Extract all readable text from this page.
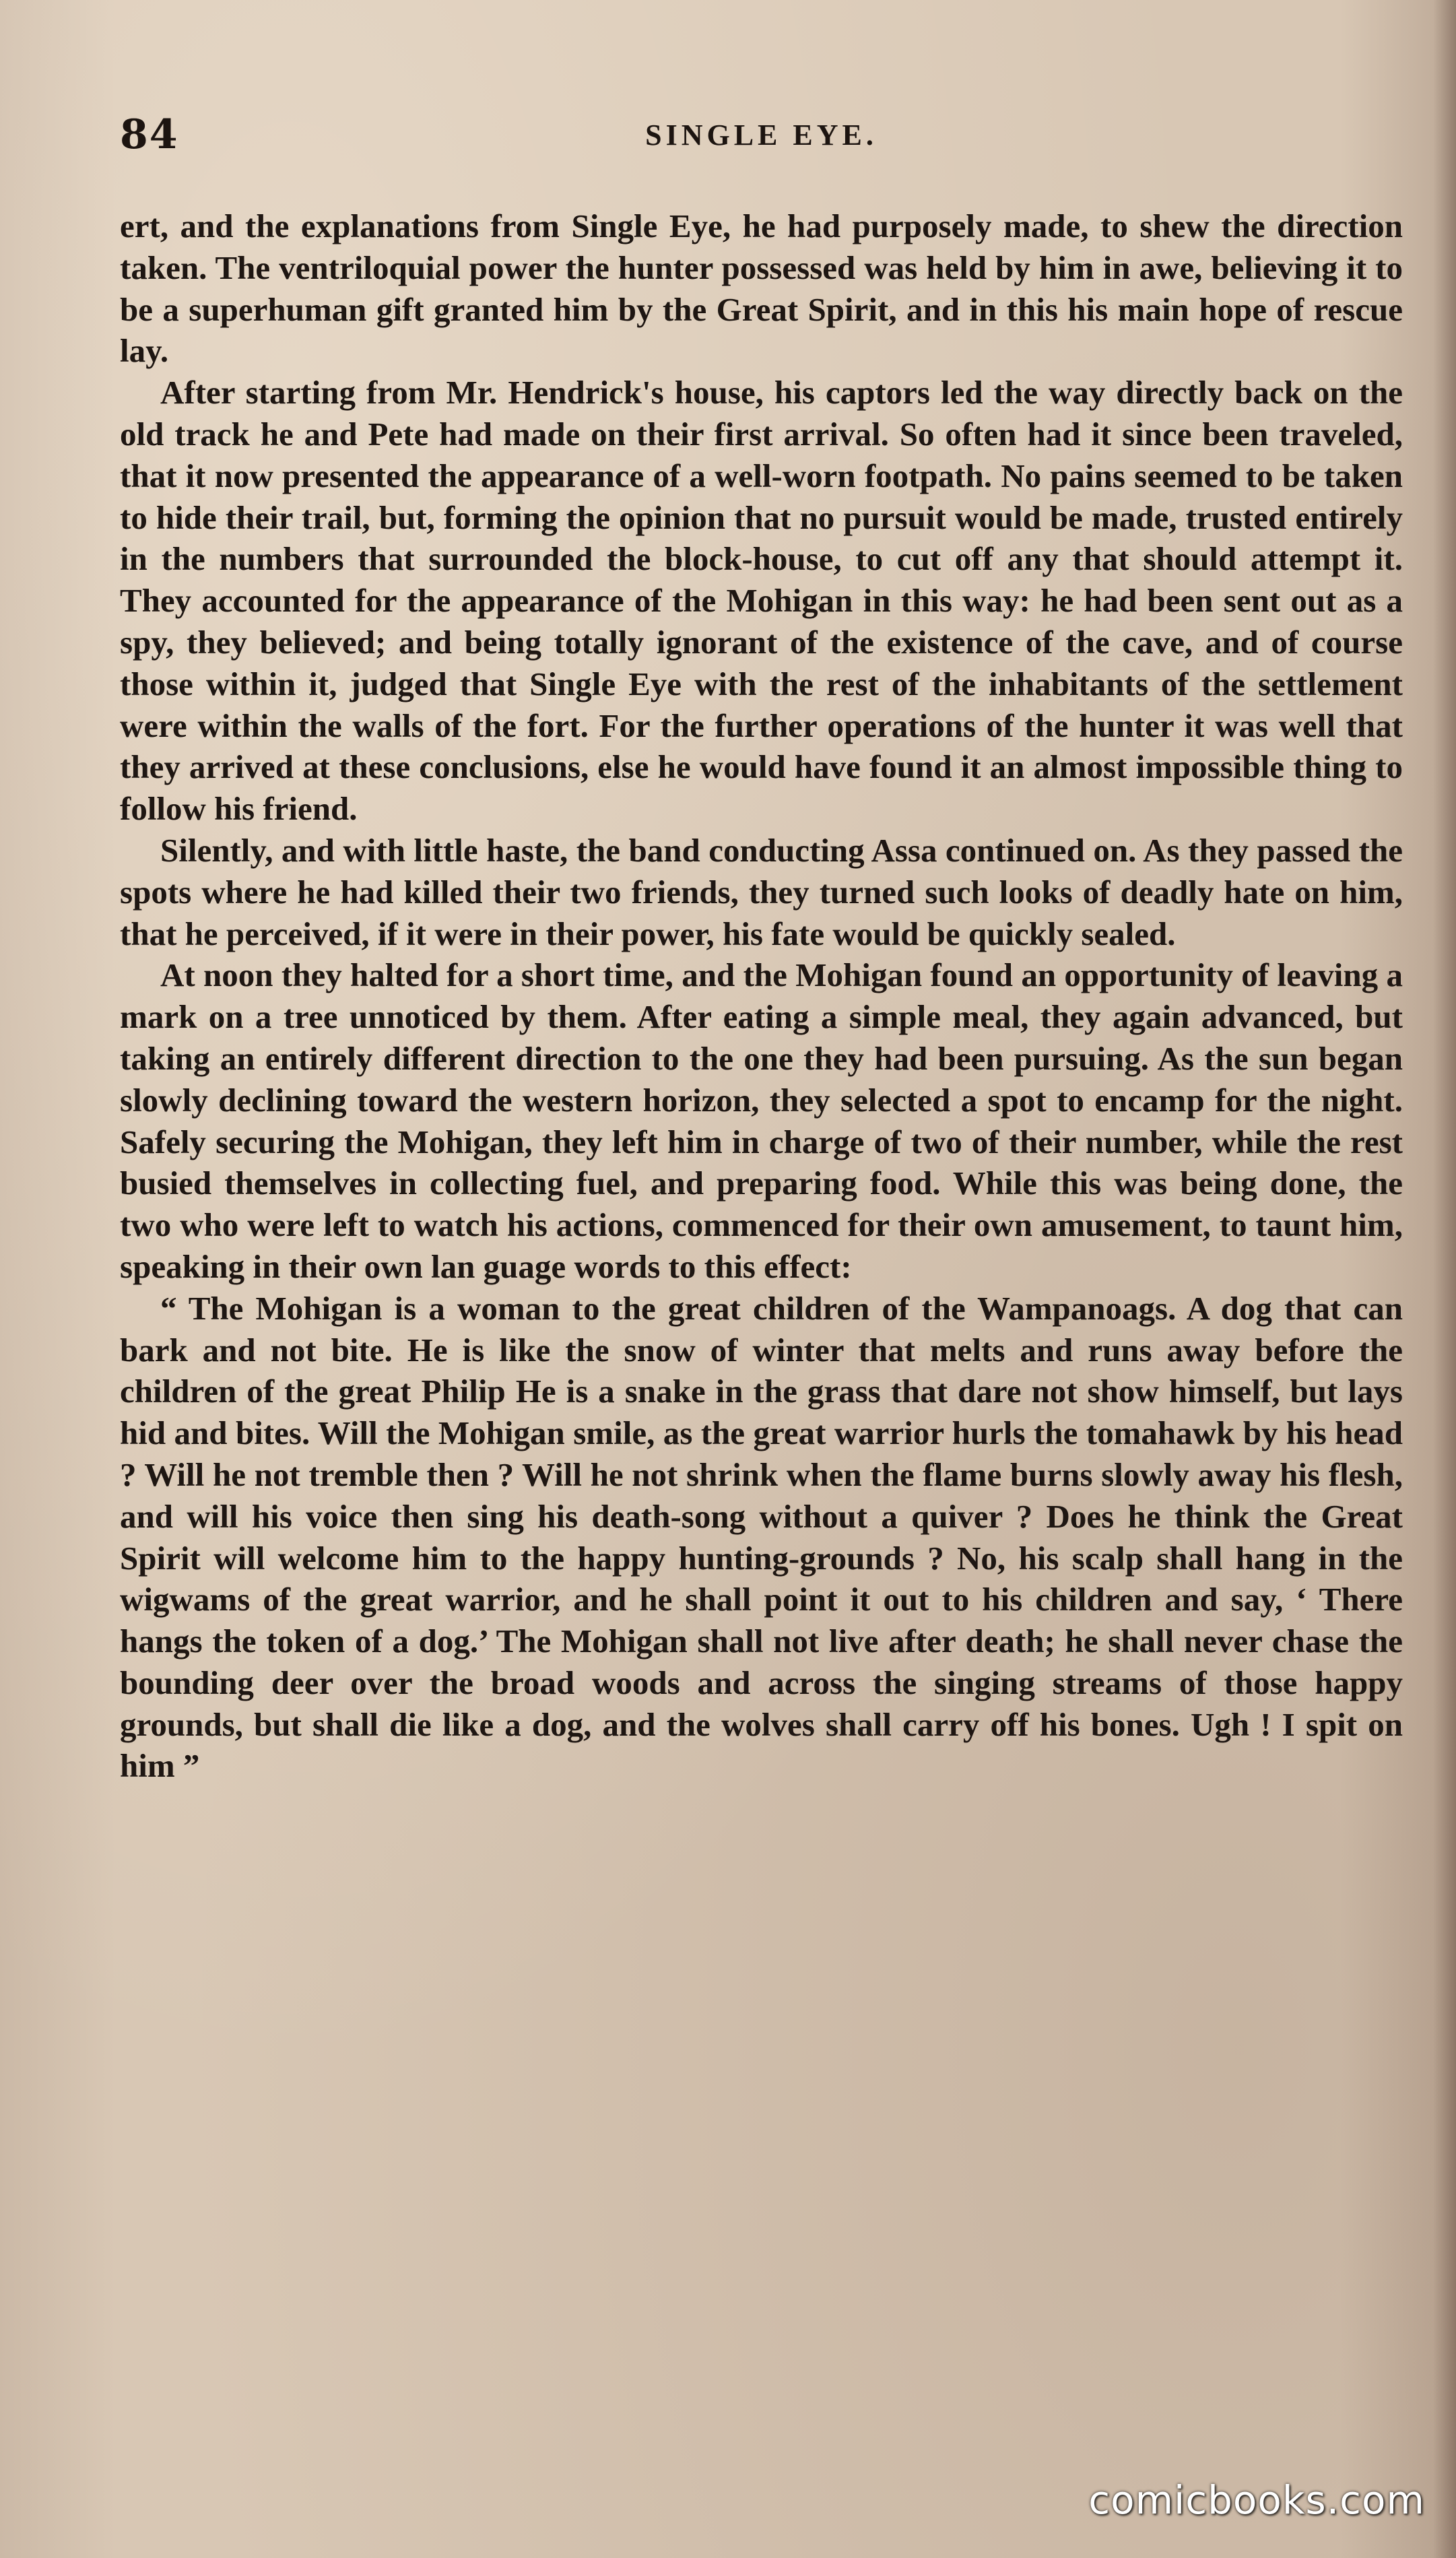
84	SINGLE EYE.

ert, and the explanations from Single Eye, he had purposely made, to shew the direction taken. The ventriloquial power the hunter possessed was held by him in awe, believing it to be a superhuman gift granted him by the Great Spirit, and in this his main hope of rescue lay.

After starting from Mr. Hendrick's house, his captors led the way directly back on the old track he and Pete had made on their first arrival. So often had it since been traveled, that it now presented the appearance of a well-worn footpath. No pains seemed to be taken to hide their trail, but, forming the opinion that no pursuit would be made, trusted entirely in the numbers that surrounded the block-house, to cut off any that should attempt it. They accounted for the appearance of the Mohigan in this way: he had been sent out as a spy, they believed; and being totally ignorant of the existence of the cave, and of course those within it, judged that Single Eye with the rest of the inhabitants of the settlement were within the walls of the fort. For the further operations of the hunter it was well that they arrived at these conclusions, else he would have found it an almost impossible thing to follow his friend.

Silently, and with little haste, the band conducting Assa continued on. As they passed the spots where he had killed their two friends, they turned such looks of deadly hate on him, that he perceived, if it were in their power, his fate would be quickly sealed.

At noon they halted for a short time, and the Mohigan found an opportunity of leaving a mark on a tree unnoticed by them. After eating a simple meal, they again advanced, but taking an entirely different direction to the one they had been pursuing. As the sun began slowly declining toward the western horizon, they selected a spot to encamp for the night. Safely securing the Mohigan, they left him in charge of two of their number, while the rest busied themselves in collecting fuel, and preparing food. While this was being done, the two who were left to watch his actions, commenced for their own amusement, to taunt him, speaking in their own lan guage words to this effect:

“ The Mohigan is a woman to the great children of the Wampanoags. A dog that can bark and not bite. He is like the snow of winter that melts and runs away before the children of the great Philip He is a snake in the grass that dare not show himself, but lays hid and bites. Will the Mohigan smile, as the great warrior hurls the tomahawk by his head ? Will he not tremble then ? Will he not shrink when the flame burns slowly away his flesh, and will his voice then sing his death-song without a quiver ? Does he think the Great Spirit will welcome him to the happy hunting-grounds ? No, his scalp shall hang in the wigwams of the great warrior, and he shall point it out to his children and say, ‘ There hangs the token of a dog.’ The Mohigan shall not live after death; he shall never chase the bounding deer over the broad woods and across the singing streams of those happy grounds, but shall die like a dog, and the wolves shall carry off his bones. Ugh ! I spit on him ”

comicbooks.com
